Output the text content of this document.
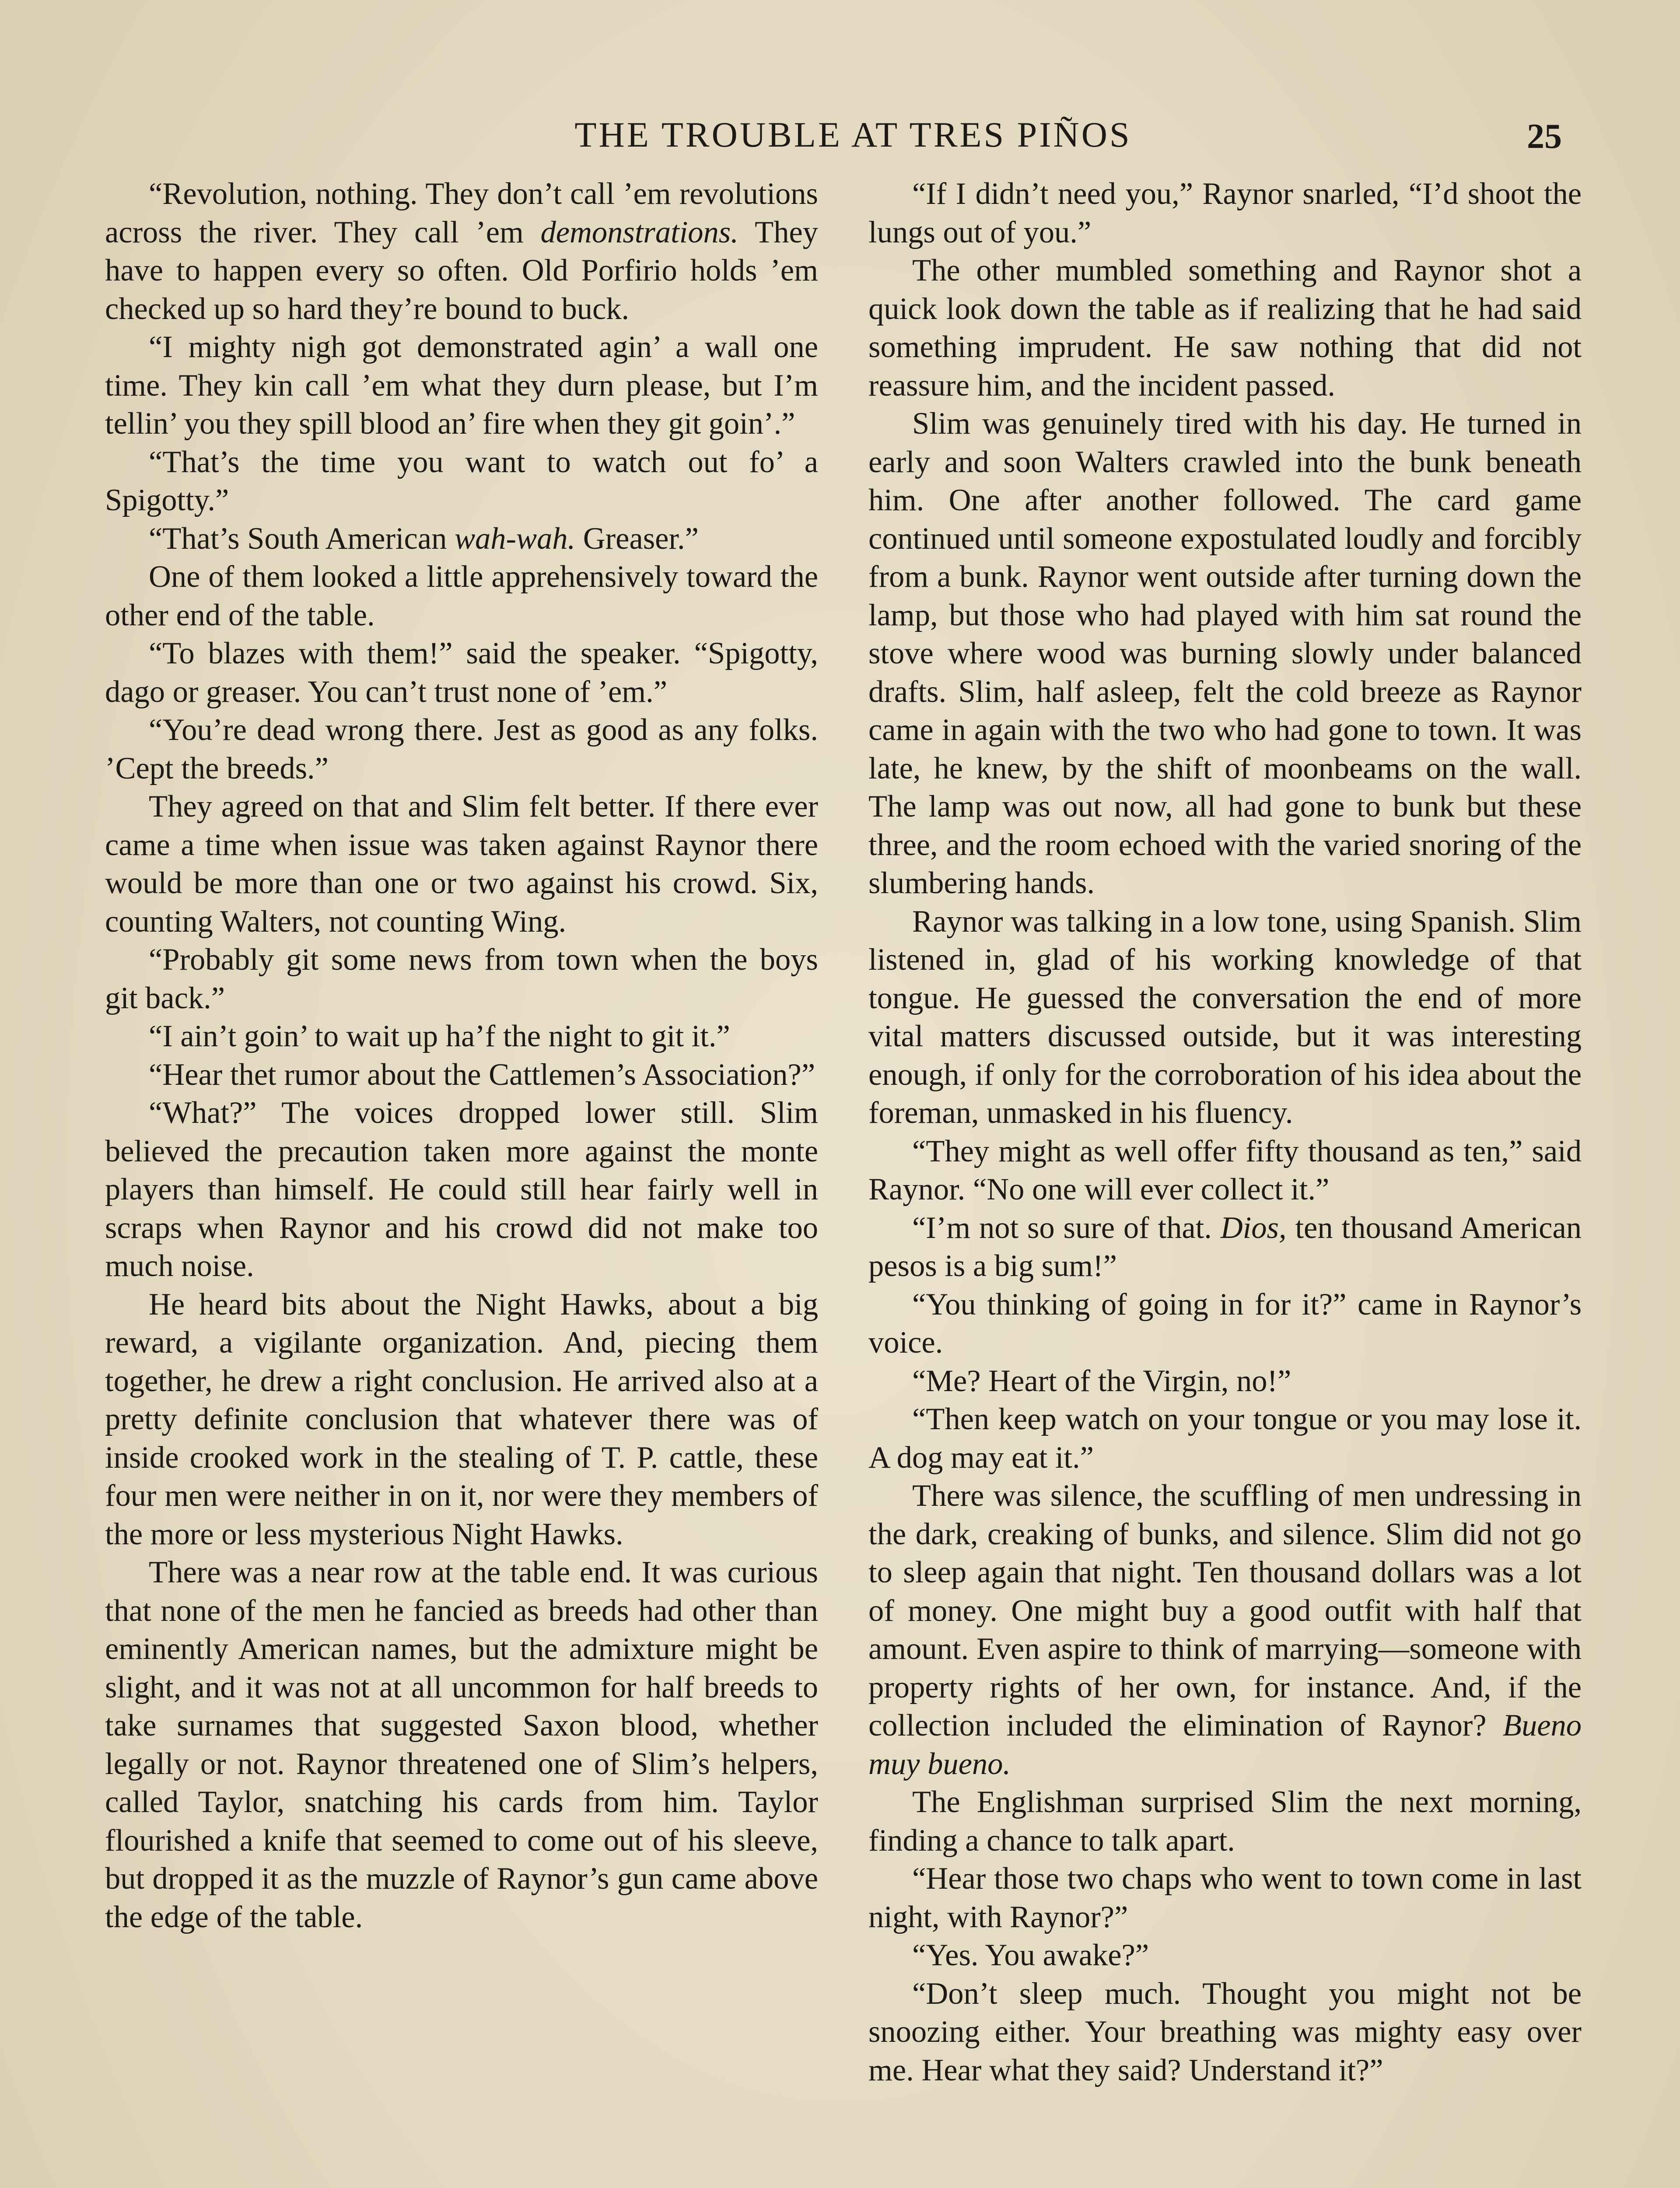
THE TROUBLE AT TRES PIÑOS	25

“Revolution, nothing. They don’t call ’em revolutions across the river. They call ’em demonstrations. They have to happen every so often. Old Porfirio holds ’em checked up so hard they’re bound to buck.

“I mighty nigh got demonstrated agin’ a wall one time. They kin call ’em what they durn please, but I’m tellin’ you they spill blood an’ fire when they git goin’.”

“That’s the time you want to watch out fo’ a Spigotty.”

“That’s South American wah-wah. Greaser.”

One of them looked a little apprehensively toward the other end of the table.

“To blazes with them!” said the speaker. “Spigotty, dago or greaser. You can’t trust none of ’em.”

“You’re dead wrong there. Jest as good as any folks. ’Cept the breeds.”

They agreed on that and Slim felt better. If there ever came a time when issue was taken against Raynor there would be more than one or two against his crowd. Six, counting Walters, not counting Wing.

“Probably git some news from town when the boys git back.”

“I ain’t goin’ to wait up ha’f the night to git it.”

“Hear thet rumor about the Cattlemen’s Association?”

“What?” The voices dropped lower still. Slim believed the precaution taken more against the monte players than himself. He could still hear fairly well in scraps when Raynor and his crowd did not make too much noise.

He heard bits about the Night Hawks, about a big reward, a vigilante organization. And, piecing them together, he drew a right conclusion. He arrived also at a pretty definite conclusion that whatever there was of inside crooked work in the stealing of T. P. cattle, these four men were neither in on it, nor were they members of the more or less mysterious Night Hawks.

There was a near row at the table end. It was curious that none of the men he fancied as breeds had other than eminently American names, but the admixture might be slight, and it was not at all uncommon for half breeds to take surnames that suggested Saxon blood, whether legally or not. Raynor threatened one of Slim’s helpers, called Taylor, snatching his cards from him. Taylor flourished a knife that seemed to come out of his sleeve, but dropped it as the muzzle of Raynor’s gun came above the edge of the table.

“If I didn’t need you,” Raynor snarled, “I’d shoot the lungs out of you.”

The other mumbled something and Raynor shot a quick look down the table as if realizing that he had said something imprudent. He saw nothing that did not reassure him, and the incident passed.

Slim was genuinely tired with his day. He turned in early and soon Walters crawled into the bunk beneath him. One after another followed. The card game continued until someone expostulated loudly and forcibly from a bunk. Raynor went outside after turning down the lamp, but those who had played with him sat round the stove where wood was burning slowly under balanced drafts. Slim, half asleep, felt the cold breeze as Raynor came in again with the two who had gone to town. It was late, he knew, by the shift of moonbeams on the wall. The lamp was out now, all had gone to bunk but these three, and the room echoed with the varied snoring of the slumbering hands.

Raynor was talking in a low tone, using Spanish. Slim listened in, glad of his working knowledge of that tongue. He guessed the conversation the end of more vital matters discussed outside, but it was interesting enough, if only for the corroboration of his idea about the foreman, unmasked in his fluency.

“They might as well offer fifty thousand as ten,” said Raynor. “No one will ever collect it.”

“I’m not so sure of that. Dios, ten thousand American pesos is a big sum!”

“You thinking of going in for it?” came in Raynor’s voice.

“Me? Heart of the Virgin, no!”

“Then keep watch on your tongue or you may lose it. A dog may eat it.”

There was silence, the scuffling of men undressing in the dark, creaking of bunks, and silence. Slim did not go to sleep again that night. Ten thousand dollars was a lot of money. One might buy a good outfit with half that amount. Even aspire to think of marrying—someone with property rights of her own, for instance. And, if the collection included the elimination of Raynor? Bueno muy bueno.

The Englishman surprised Slim the next morning, finding a chance to talk apart.

“Hear those two chaps who went to town come in last night, with Raynor?”

“Yes. You awake?”

“Don’t sleep much. Thought you might not be snoozing either. Your breathing was mighty easy over me. Hear what they said? Understand it?”
